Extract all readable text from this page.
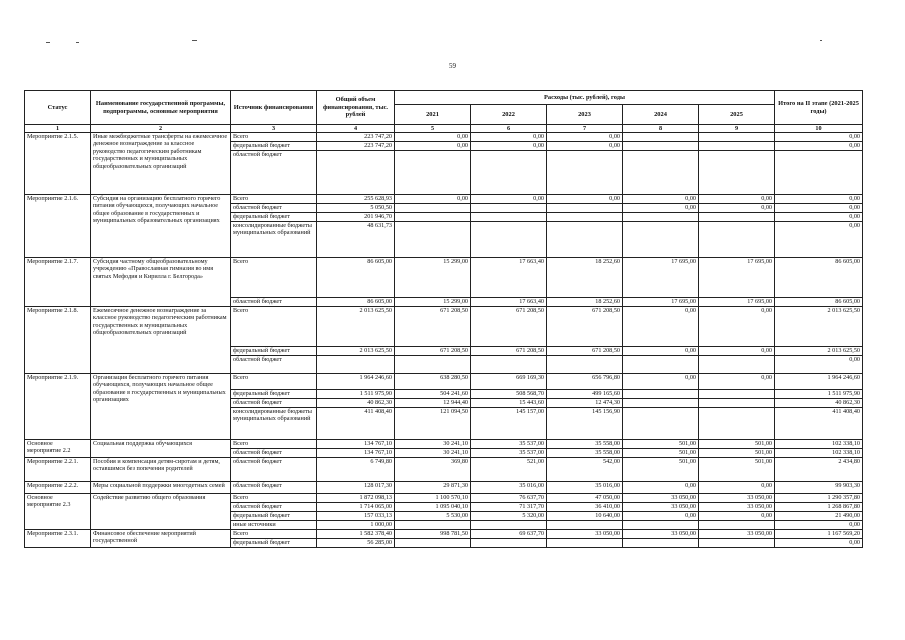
59
Статус	Наименование государственной программы, подпрограммы, основные мероприятия	Источник финансирования	Общий объем финансирования, тыс. рублей	Расходы (тыс. рублей), годы					Итого на II этапе (2021-2025 годы)
				2021	2022	2023	2024	2025	
1	2	3	4	5	6	7	8	9	10
Мероприятие 2.1.5.	Иные межбюджетные трансферты на ежемесячное денежное вознаграждение за классное руководство педагогическим работникам государственных и муниципальных общеобразовательных организаций	Всего	223 747,20	0,00	0,00	0,00			0,00
		федеральный бюджет	223 747,20	0,00	0,00	0,00			0,00
		областной бюджет							
Мероприятие 2.1.6.	Субсидия на организацию бесплатного горячего питания обучающихся, получающих начальное общее образование в государственных и муниципальных образовательных организациях	Всего	255 628,93	0,00	0,00	0,00	0,00	0,00	0,00
		областной бюджет	5 050,50				0,00	0,00	0,00
		федеральный бюджет	201 946,70						0,00
		консолидированные бюджеты муниципальных образований	48 631,73						0,00
Мероприятие 2.1.7.	Субсидия частному общеобразовательному учреждению «Православная гимназия во имя святых Мефодия и Кирилла г. Белгорода»	Всего	86 605,00	15 299,00	17 663,40	18 252,60	17 695,00	17 695,00	86 605,00
		областной бюджет	86 605,00	15 299,00	17 663,40	18 252,60	17 695,00	17 695,00	86 605,00
Мероприятие 2.1.8.	Ежемесячное денежное вознаграждение за классное руководство педагогическим работникам государственных и муниципальных общеобразовательных организаций	Всего	2 013 625,50	671 208,50	671 208,50	671 208,50	0,00	0,00	2 013 625,50
		федеральный бюджет	2 013 625,50	671 208,50	671 208,50	671 208,50	0,00	0,00	2 013 625,50
		областной бюджет							0,00
Мероприятие 2.1.9.	Организация бесплатного горячего питания обучающихся, получающих начальное общее образование в государственных и муниципальных организациях	Всего	1 964 246,60	638 280,50	669 169,30	656 796,80	0,00	0,00	1 964 246,60
		федеральный бюджет	1 511 975,90	504 241,60	508 568,70	499 165,60			1 511 975,90
		областной бюджет	40 862,30	12 944,40	15 443,60	12 474,30			40 862,30
		консолидированные бюджеты муниципальных образований	411 408,40	121 094,50	145 157,00	145 156,90			411 408,40
Основное мероприятие 2.2	Социальная поддержка обучающихся	Всего	134 767,10	30 241,10	35 537,00	35 558,00	501,00	501,00	102 338,10
		областной бюджет	134 767,10	30 241,10	35 537,00	35 558,00	501,00	501,00	102 338,10
Мероприятие 2.2.1.	Пособия и компенсация детям-сиротам и детям, оставшимся без попечения родителей	областной бюджет	6 749,80	369,80	521,00	542,00	501,00	501,00	2 434,80
Мероприятие 2.2.2.	Меры социальной поддержки многодетных семей	областной бюджет	128 017,30	29 871,30	35 016,00	35 016,00	0,00	0,00	99 903,30
Основное мероприятие 2.3	Содействие развитию общего образования	Всего	1 872 098,13	1 100 570,10	76 637,70	47 050,00	33 050,00	33 050,00	1 290 357,80
		областной бюджет	1 714 065,00	1 095 040,10	71 317,70	36 410,00	33 050,00	33 050,00	1 268 867,80
		федеральный бюджет	157 033,13	5 530,00	5 320,00	10 640,00	0,00	0,00	21 490,00
		иные источники	1 000,00						0,00
Мероприятие 2.3.1.	Финансовое обеспечение мероприятий государственной	Всего	1 582 378,40	998 781,50	69 637,70	33 050,00	33 050,00	33 050,00	1 167 569,20
		федеральный бюджет	56 285,00						0,00
